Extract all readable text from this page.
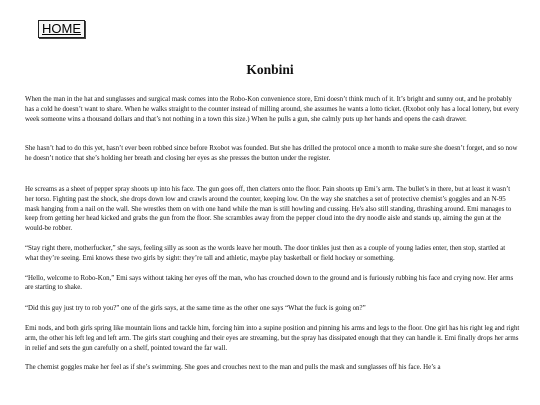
HOME
Konbini

When the man in the hat and sunglasses and surgical mask comes into the Robo-Kon convenience store, Emi doesn’t think much of it. It’s bright and sunny out, and he probably has a cold he doesn’t want to share. When he walks straight to the counter instead of milling around, she assumes he wants a lotto ticket. (Rxobot only has a local lottery, but every week someone wins a thousand dollars and that’s not nothing in a town this size.) When he pulls a gun, she calmly puts up her hands and opens the cash drawer.

She hasn’t had to do this yet, hasn’t ever been robbed since before Rxobot was founded. But she has drilled the protocol once a month to make sure she doesn’t forget, and so now he doesn’t notice that she’s holding her breath and closing her eyes as she presses the button under the register.

He screams as a sheet of pepper spray shoots up into his face. The gun goes off, then clatters onto the floor. Pain shoots up Emi’s arm. The bullet’s in there, but at least it wasn’t her torso. Fighting past the shock, she drops down low and crawls around the counter, keeping low. On the way she snatches a set of protective chemist’s goggles and an N-95 mask hanging from a nail on the wall. She wrestles them on with one hand while the man is still howling and cussing. He's also still standing, thrashing around. Emi manages to keep from getting her head kicked and grabs the gun from the floor. She scrambles away from the pepper cloud into the dry noodle aisle and stands up, aiming the gun at the would-be robber.

“Stay right there, motherfucker,” she says, feeling silly as soon as the words leave her mouth. The door tinkles just then as a couple of young ladies enter, then stop, startled at what they’re seeing. Emi knows these two girls by sight: they’re tall and athletic, maybe play basketball or field hockey or something.

“Hello, welcome to Robo-Kon,” Emi says without taking her eyes off the man, who has crouched down to the ground and is furiously rubbing his face and crying now. Her arms are starting to shake.

“Did this guy just try to rob you?” one of the girls says, at the same time as the other one says “What the fuck is going on?”

Emi nods, and both girls spring like mountain lions and tackle him, forcing him into a supine position and pinning his arms and legs to the floor. One girl has his right leg and right arm, the other his left leg and left arm. The girls start coughing and their eyes are streaming, but the spray has dissipated enough that they can handle it. Emi finally drops her arms in relief and sets the gun carefully on a shelf, pointed toward the far wall.

The chemist goggles make her feel as if she’s swimming. She goes and crouches next to the man and pulls the mask and sunglasses off his face. He’s a
